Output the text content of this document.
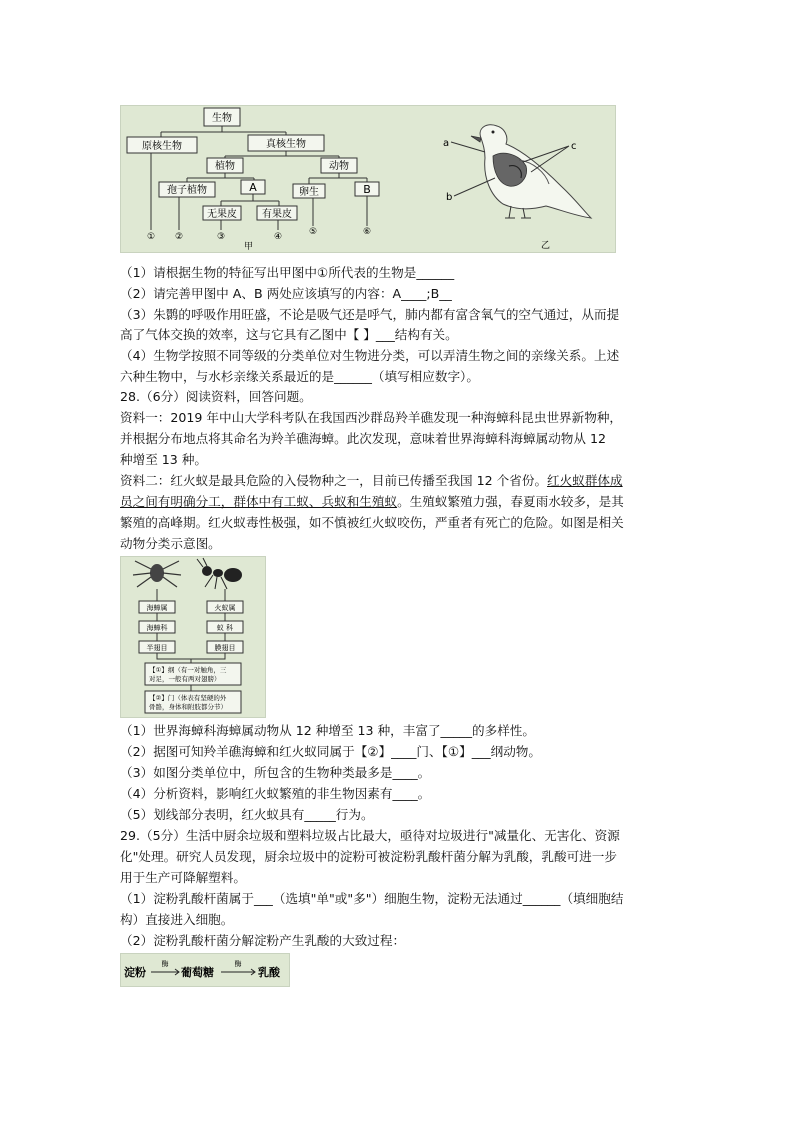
生物
原核生物	真核生物
植物	动物
孢子植物	A	卵生	B
无果皮	有果皮
① ②	③	④	⑤	⑥
甲
a
b
c
乙
（1）请根据生物的特征写出甲图中①所代表的生物是______
（2）请完善甲图中 A、B 两处应该填写的内容：A____;B__
（3）朱鹮的呼吸作用旺盛，不论是吸气还是呼气，肺内都有富含氧气的空气通过，从而提
高了气体交换的效率，这与它具有乙图中【 】___结构有关。
（4）生物学按照不同等级的分类单位对生物进分类，可以弄清生物之间的亲缘关系。上述
六种生物中，与水杉亲缘关系最近的是______（填写相应数字）。
28.（6分）阅读资料，回答问题。
资料一：2019 年中山大学科考队在我国西沙群岛羚羊礁发现一种海蟑科昆虫世界新物种，
并根据分布地点将其命名为羚羊礁海蟑。此次发现，意味着世界海蟑科海蟑属动物从 12
种增至 13 种。
资料二：红火蚁是最具危险的入侵物种之一，目前已传播至我国 12 个省份。红火蚁群体成
员之间有明确分工，群体中有工蚁、兵蚁和生殖蚁。生殖蚁繁殖力强，春夏雨水较多，是其
繁殖的高峰期。红火蚁毒性极强，如不慎被红火蚁咬伤，严重者有死亡的危险。如图是相关
动物分类示意图。
海蟑属
海蟑科
半翅目
火蚁属
蚁 科
膜翅目
【①】纲（有一对触角，三
对足，一般有两对翅膀）
【②】门（体表有坚硬的外
骨骼，身体和附肢都分节）
（1）世界海蟑科海蟑属动物从 12 种增至 13 种，丰富了_____的多样性。
（2）据图可知羚羊礁海蟑和红火蚁同属于【②】____门、【①】___纲动物。
（3）如图分类单位中，所包含的生物种类最多是____。
（4）分析资料，影响红火蚁繁殖的非生物因素有____。
（5）划线部分表明，红火蚁具有_____行为。
29.（5分）生活中厨余垃圾和塑料垃圾占比最大，亟待对垃圾进行"减量化、无害化、资源
化"处理。研究人员发现，厨余垃圾中的淀粉可被淀粉乳酸杆菌分解为乳酸，乳酸可进一步
用于生产可降解塑料。
（1）淀粉乳酸杆菌属于___（选填"单"或"多"）细胞生物，淀粉无法通过______（填细胞结
构）直接进入细胞。
（2）淀粉乳酸杆菌分解淀粉产生乳酸的大致过程：
淀粉
酶
葡萄糖
酶
乳酸
